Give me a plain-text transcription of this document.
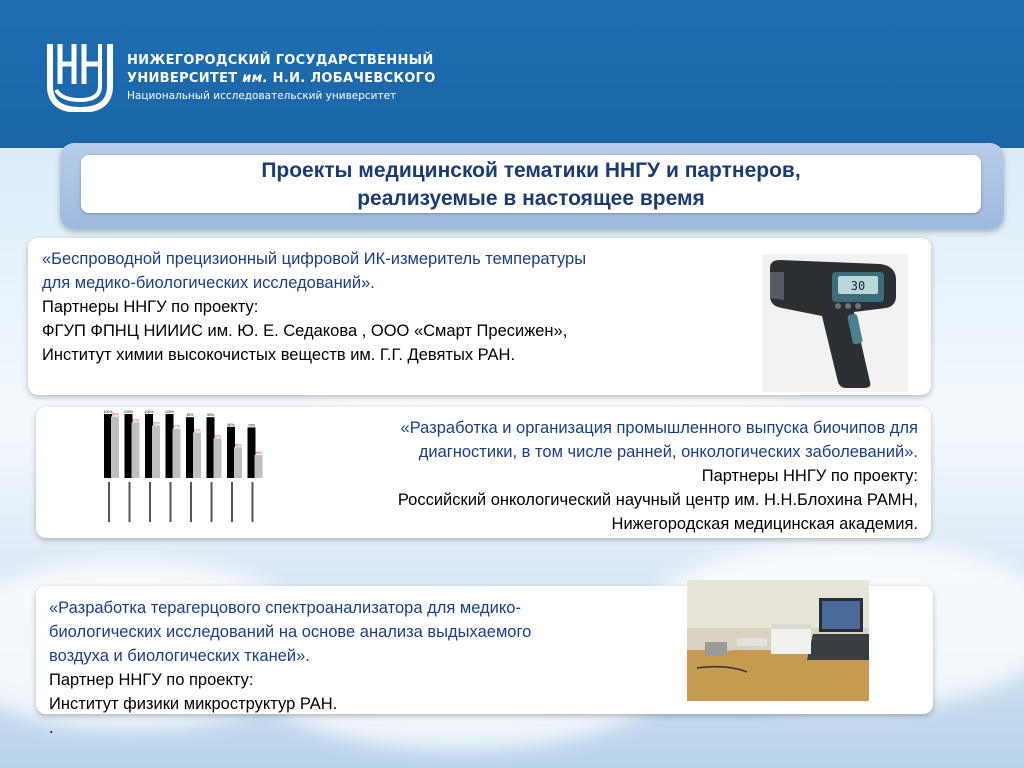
НИЖЕГОРОДСКИЙ ГОСУДАРСТВЕННЫЙ
УНИВЕРСИТЕТ им. Н.И. ЛОБАЧЕВСКОГО
Национальный исследовательский университет
Проекты медицинской тематики ННГУ и партнеров,
реализуемые в настоящее время
«Беспроводной прецизионный цифровой ИК-измеритель температуры
для медико-биологических исследований».
Партнеры ННГУ по проекту:
ФГУП ФПНЦ НИИИС им. Ю. Е. Седакова , ООО «Смарт Пресижен»,
Институт химии высокочистых веществ им. Г.Г. Девятых РАН.
30
«Разработка и организация промышленного выпуска биочипов для
диагностики, в том числе ранней, онкологических заболеваний».
Партнеры ННГУ по проекту:
Российский онкологический научный центр им. Н.Н.Блохина РАМН,
Нижегородская медицинская академия.
100%
96%
100%
87%
100%
82%
100%
77%
95%
71%
95%
62%
80%
48%
79%
36%
«Разработка терагерцового спектроанализатора для медико-
биологических исследований на основе анализа выдыхаемого
воздуха и биологических тканей».
Партнер ННГУ по проекту:
Институт физики микроструктур РАН.
.
